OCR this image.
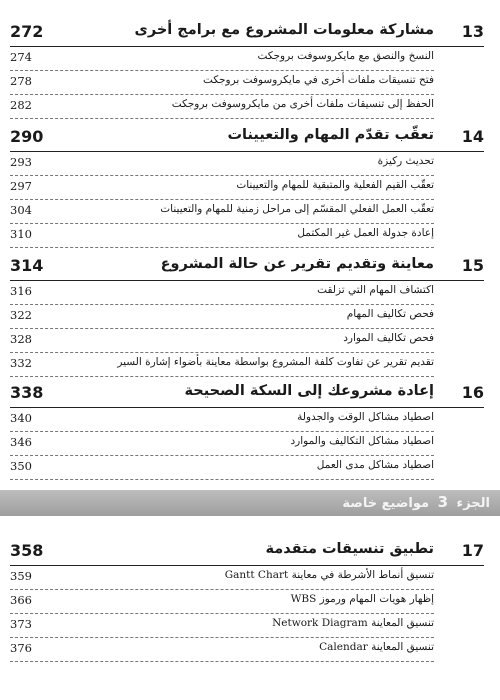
272	مشاركة معلومات المشروع مع برامج أخرى 13
274	النسخ والنصق مع مايكروسوفت بروجكت
278	فتح تنسيقات ملفات أخرى في مايكروسوفت بروجكت
282	الحفظ إلى تنسيقات ملفات أخرى من مايكروسوفت بروجكت
290	تعقّب تقدّم المهام والتعيينات 14
293	تحديث ركيزة
297	تعقّب القيم الفعلية والمتبقية للمهام والتعيينات
304	تعقّب العمل الفعلي المقسّم إلى مراحل زمنية للمهام والتعيينات
310	إعادة جدولة العمل غير المكتمل
314	معاينة وتقديم تقرير عن حالة المشروع 15
316	اكتشاف المهام التي تزلقت
322	فحص تكاليف المهام
328	فحص تكاليف الموارد
332	تقديم تقرير عن تفاوت كلفة المشروع بواسطة معاينة بأضواء إشارة السير
338	إعادة مشروعك إلى السكة الصحيحة 16
340	اصطياد مشاكل الوقت والجدولة
346	اصطياد مشاكل التكاليف والموارد
350	اصطياد مشاكل مدى العمل
الجزء 3 مواضيع خاصة
358	تطبيق تنسيقات متقدمة 17
359	تنسيق أنماط الأشرطة في معاينة Gantt Chart
366	إظهار هويات المهام ورموز WBS
373	تنسيق المعاينة Network Diagram
376	تنسيق المعاينة Calendar
